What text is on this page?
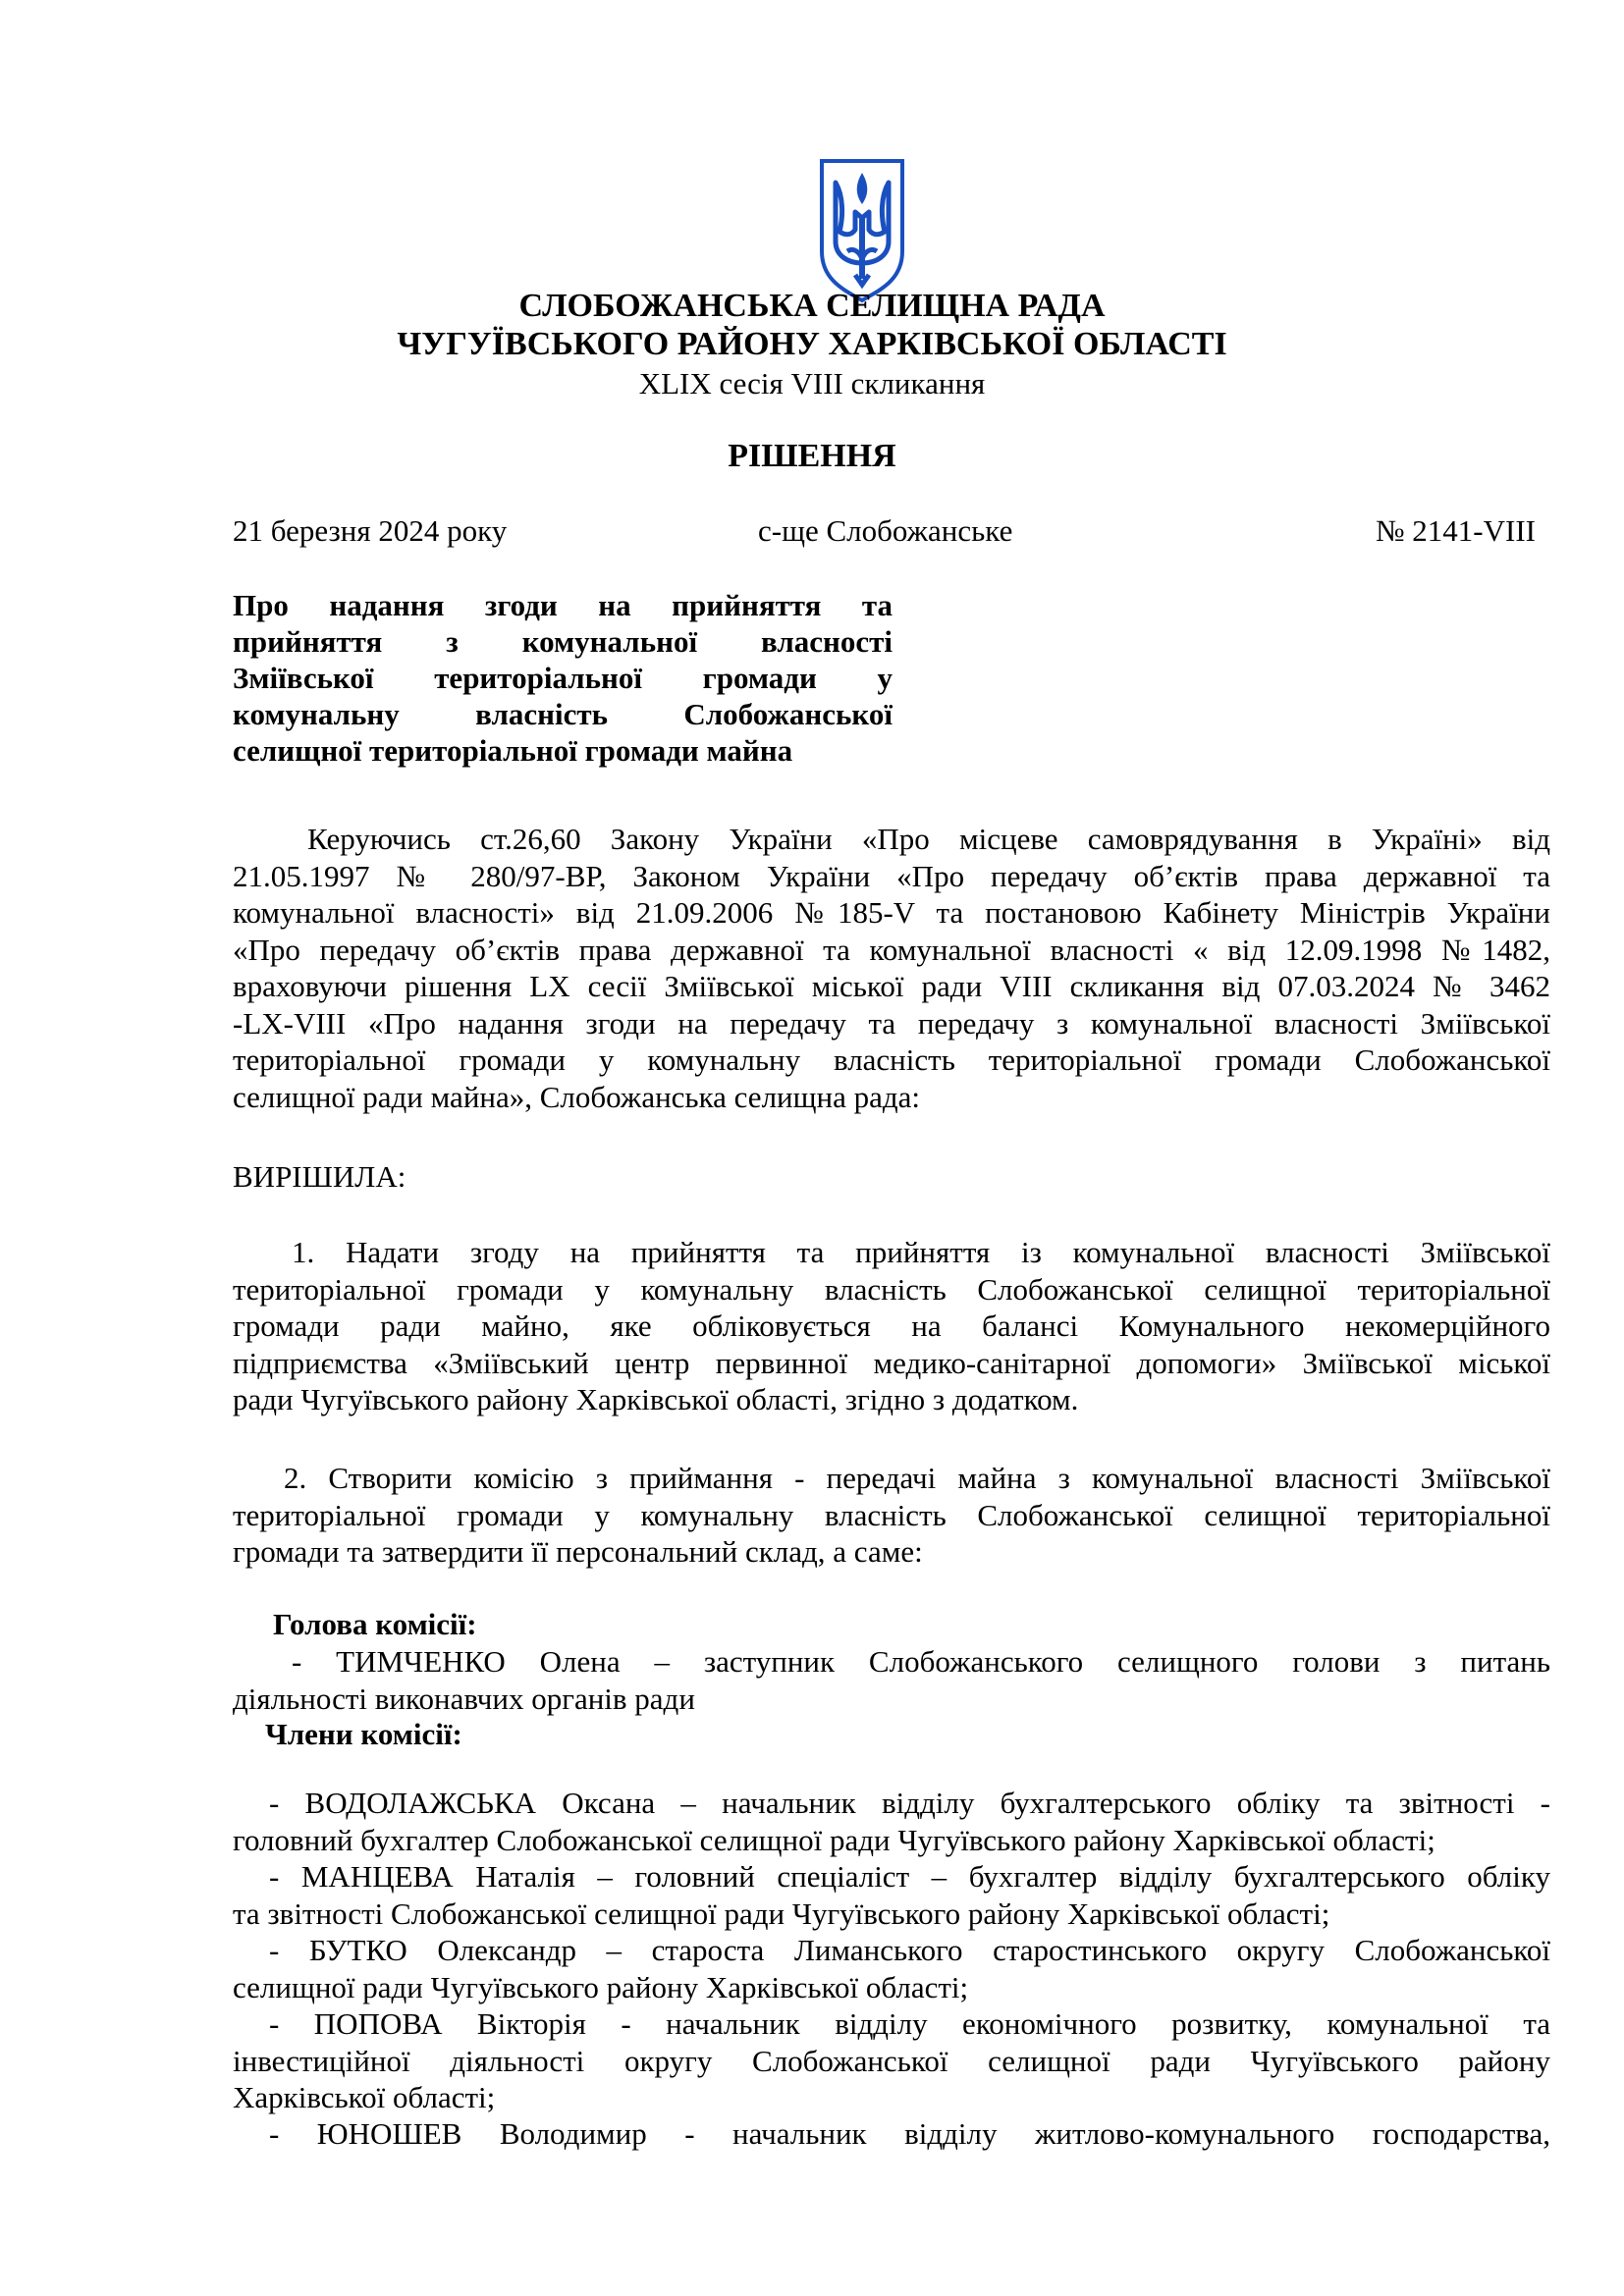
СЛОБОЖАНСЬКА СЕЛИЩНА РАДА
ЧУГУЇВСЬКОГО РАЙОНУ ХАРКІВСЬКОЇ ОБЛАСТІ
XLIX сесія VIII скликання
РІШЕННЯ
21 березня 2024 року	с-ще Слобожанське	№ 2141-VIII
Про надання згоди на прийняття та
прийняття з комунальної власності
Зміївської територіальної громади у
комунальну власність Слобожанської
селищної територіальної громади майна
Керуючись ст.26,60 Закону України «Про місцеве самоврядування в Україні» від
21.05.1997 № 280/97-ВР, Законом України «Про передачу об’єктів права державної та
комунальної власності» від 21.09.2006 №185-V та постановою Кабінету Міністрів України
«Про передачу об’єктів права державної та комунальної власності « від 12.09.1998 №1482,
враховуючи рішення LX сесії Зміївської міської ради VIII скликання від 07.03.2024 № 3462
-LX-VIII «Про надання згоди на передачу та передачу з комунальної власності Зміївської
територіальної громади у комунальну власність територіальної громади Слобожанської
селищної ради майна», Слобожанська селищна рада:
ВИРІШИЛА:
1. Надати згоду на прийняття та прийняття із комунальної власності Зміївської
територіальної громади у комунальну власність Слобожанської селищної територіальної
громади ради майно, яке обліковується на балансі Комунального некомерційного
підприємства «Зміївський центр первинної медико-санітарної допомоги» Зміївської міської
ради Чугуївського району Харківської області, згідно з додатком.
2. Створити комісію з приймання - передачі майна з комунальної власності Зміївської
територіальної громади у комунальну власність Слобожанської селищної територіальної
громади та затвердити її персональний склад, а саме:
Голова комісії:
- ТИМЧЕНКО Олена – заступник Слобожанського селищного голови з питань
діяльності виконавчих органів ради
Члени комісії:
- ВОДОЛАЖСЬКА Оксана – начальник відділу бухгалтерського обліку та звітності -
головний бухгалтер Слобожанської селищної ради Чугуївського району Харківської області;
- МАНЦЕВА Наталія – головний спеціаліст – бухгалтер відділу бухгалтерського обліку
та звітності Слобожанської селищної ради Чугуївського району Харківської області;
- БУТКО Олександр – староста Лиманського старостинського округу Слобожанської
селищної ради Чугуївського району Харківської області;
- ПОПОВА Вікторія - начальник відділу економічного розвитку, комунальної та
інвестиційної діяльності округу Слобожанської селищної ради Чугуївського району
Харківської області;
- ЮНОШЕВ Володимир - начальник відділу житлово-комунального господарства,
